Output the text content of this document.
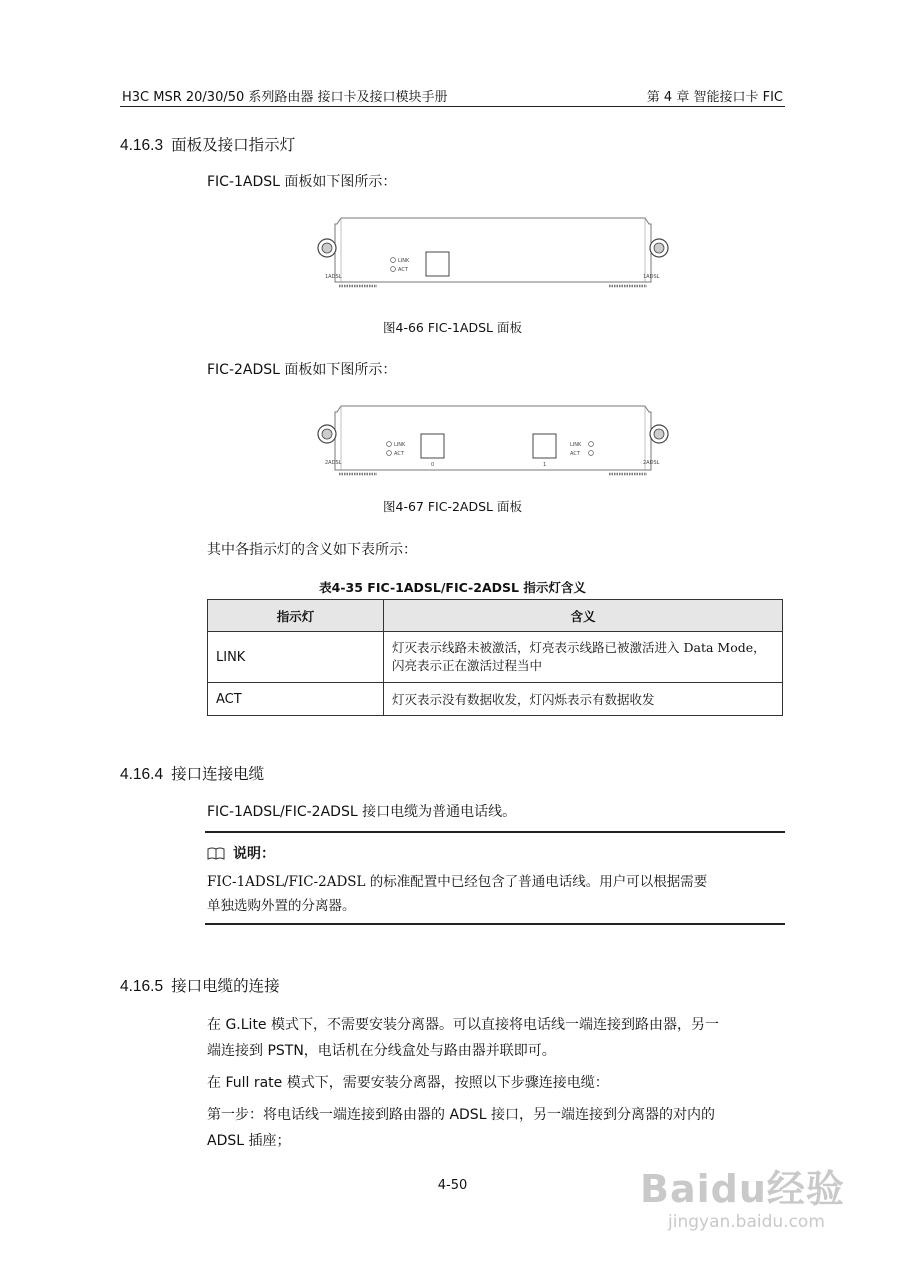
H3C MSR 20/30/50 系列路由器 接口卡及接口模块手册	第 4 章 智能接口卡 FIC
4.16.3 面板及接口指示灯
FIC-1ADSL 面板如下图所示：
LINK
ACT
1ADSL	1ADSL
图4-66 FIC-1ADSL 面板
FIC-2ADSL 面板如下图所示：
LINK
ACT
0	1
LINK
ACT
2ADSL	2ADSL
图4-67 FIC-2ADSL 面板
其中各指示灯的含义如下表所示：
表4-35 FIC-1ADSL/FIC-2ADSL 指示灯含义
指示灯	含义
LINK	灯灭表示线路未被激活，灯亮表示线路已被激活进入 Data Mode，
闪亮表示正在激活过程当中

ACT	灯灭表示没有数据收发，灯闪烁表示有数据收发
4.16.4 接口连接电缆
FIC-1ADSL/FIC-2ADSL 接口电缆为普通电话线。
说明：
FIC-1ADSL/FIC-2ADSL 的标准配置中已经包含了普通电话线。用户可以根据需要
单独选购外置的分离器。
4.16.5 接口电缆的连接
在 G.Lite 模式下，不需要安装分离器。可以直接将电话线一端连接到路由器，另一
端连接到 PSTN，电话机在分线盒处与路由器并联即可。
在 Full rate 模式下，需要安装分离器，按照以下步骤连接电缆：
第一步：将电话线一端连接到路由器的 ADSL 接口，另一端连接到分离器的对内的
ADSL 插座；
4-50	Baidu经验
jingyan.baidu.com
